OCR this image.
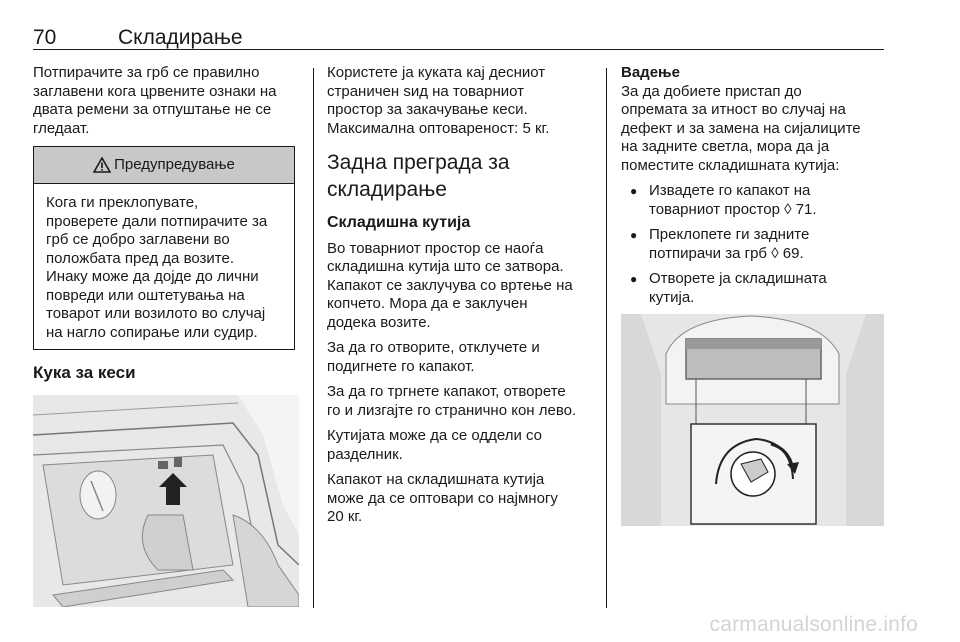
70	Складирање

Потпирачите за грб се правилно
заглавени кога црвените ознаки на
двата ремени за отпуштање не се
гледаат.

Предупредување
Кога ги преклопувате,
проверете дали потпирачите за
грб се добро заглавени во
положбата пред да возите.
Инаку може да дојде до лични
повреди или оштетувања на
товарот или возилото во случај
на нагло сопирање или судир.
Кука за кеси

Користете ја куката кај десниот
страничен ѕид на товарниот
простор за закачување кеси.
Максимална оптовареност: 5 кг.

Задна преграда за
складирање
Складишна кутија

Во товарниот простор се наоѓа
складишна кутија што се затвора.
Капакот се заклучува со вртење на
копчето. Мора да е заклучен
додека возите.

За да го отворите, отклучете и
подигнете го капакот.

За да го тргнете капакот, отворете
го и лизгајте го странично кон лево.

Кутијата може да се оддели со
разделник.

Капакот на складишната кутија
може да се оптовари со најмногу
20 кг.

Вадење

За да добиете пристап до
опремата за итност во случај на
дефект и за замена на сијалиците
на задните светла, мора да ја
поместите складишната кутија:

● Извадете го капакот на
товарниот простор ◊ 71.
● Преклопете ги задните
потпирачи за грб ◊ 69.
● Отворете ја складишната
кутија.
carmanualsonline.info
